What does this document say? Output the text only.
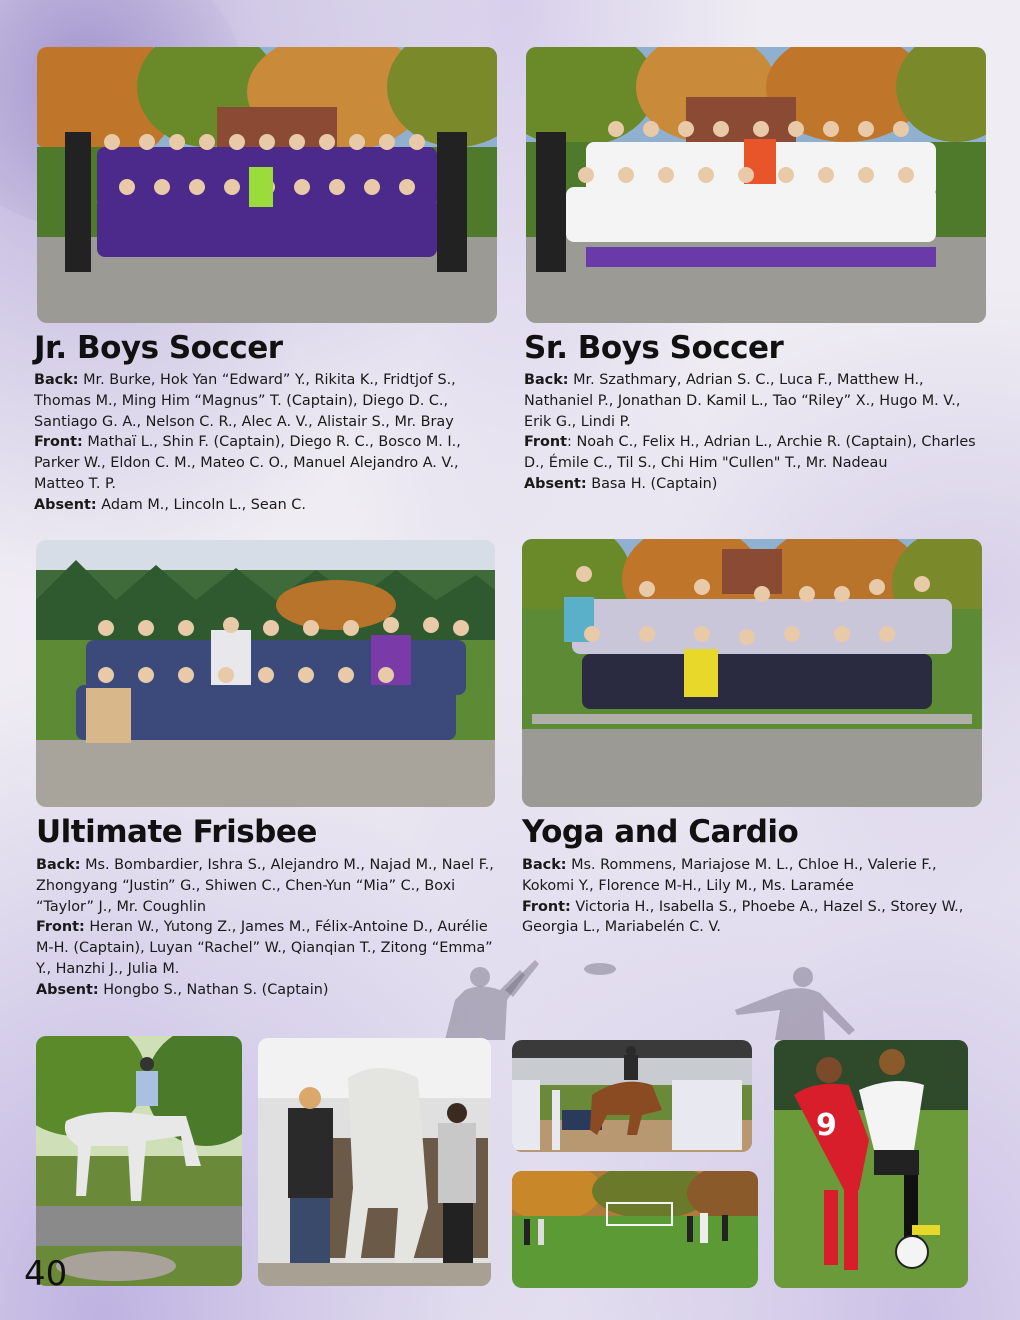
Jr. Boys Soccer

Back: Mr. Burke, Hok Yan “Edward” Y., Rikita K., Fridtjof S., Thomas M., Ming Him “Magnus” T. (Captain), Diego D. C., Santiago G. A., Nelson C. R., Alec A. V., Alistair S., Mr. Bray

Front: Mathaï L., Shin F. (Captain), Diego R. C., Bosco M. I., Parker W., Eldon C. M., Mateo C. O., Manuel Alejandro A. V., Matteo T. P.

Absent: Adam M., Lincoln L., Sean C.

Sr. Boys Soccer

Back: Mr. Szathmary, Adrian S. C., Luca F., Matthew H., Nathaniel P., Jonathan D. Kamil L., Tao “Riley” X., Hugo M. V., Erik G., Lindi P.

Front: Noah C., Felix H., Adrian L., Archie R. (Captain), Charles D., Émile C., Til S., Chi Him "Cullen" T., Mr. Nadeau

Absent: Basa H. (Captain)

Ultimate Frisbee

Back: Ms. Bombardier, Ishra S., Alejandro M., Najad M., Nael F., Zhongyang “Justin” G., Shiwen C., Chen-Yun “Mia” C., Boxi “Taylor” J., Mr. Coughlin

Front: Heran W., Yutong Z., James M., Félix-Antoine D., Aurélie M-H. (Captain), Luyan “Rachel” W., Qianqian T., Zitong “Emma” Y., Hanzhi J., Julia M.

Absent: Hongbo S., Nathan S. (Captain)

Yoga and Cardio

Back: Ms. Rommens, Mariajose M. L., Chloe H., Valerie F., Kokomi Y., Florence M-H., Lily M., Ms. Laramée

Front: Victoria H., Isabella S., Phoebe A., Hazel S., Storey W., Georgia L., Mariabelén C. V.

9
40
